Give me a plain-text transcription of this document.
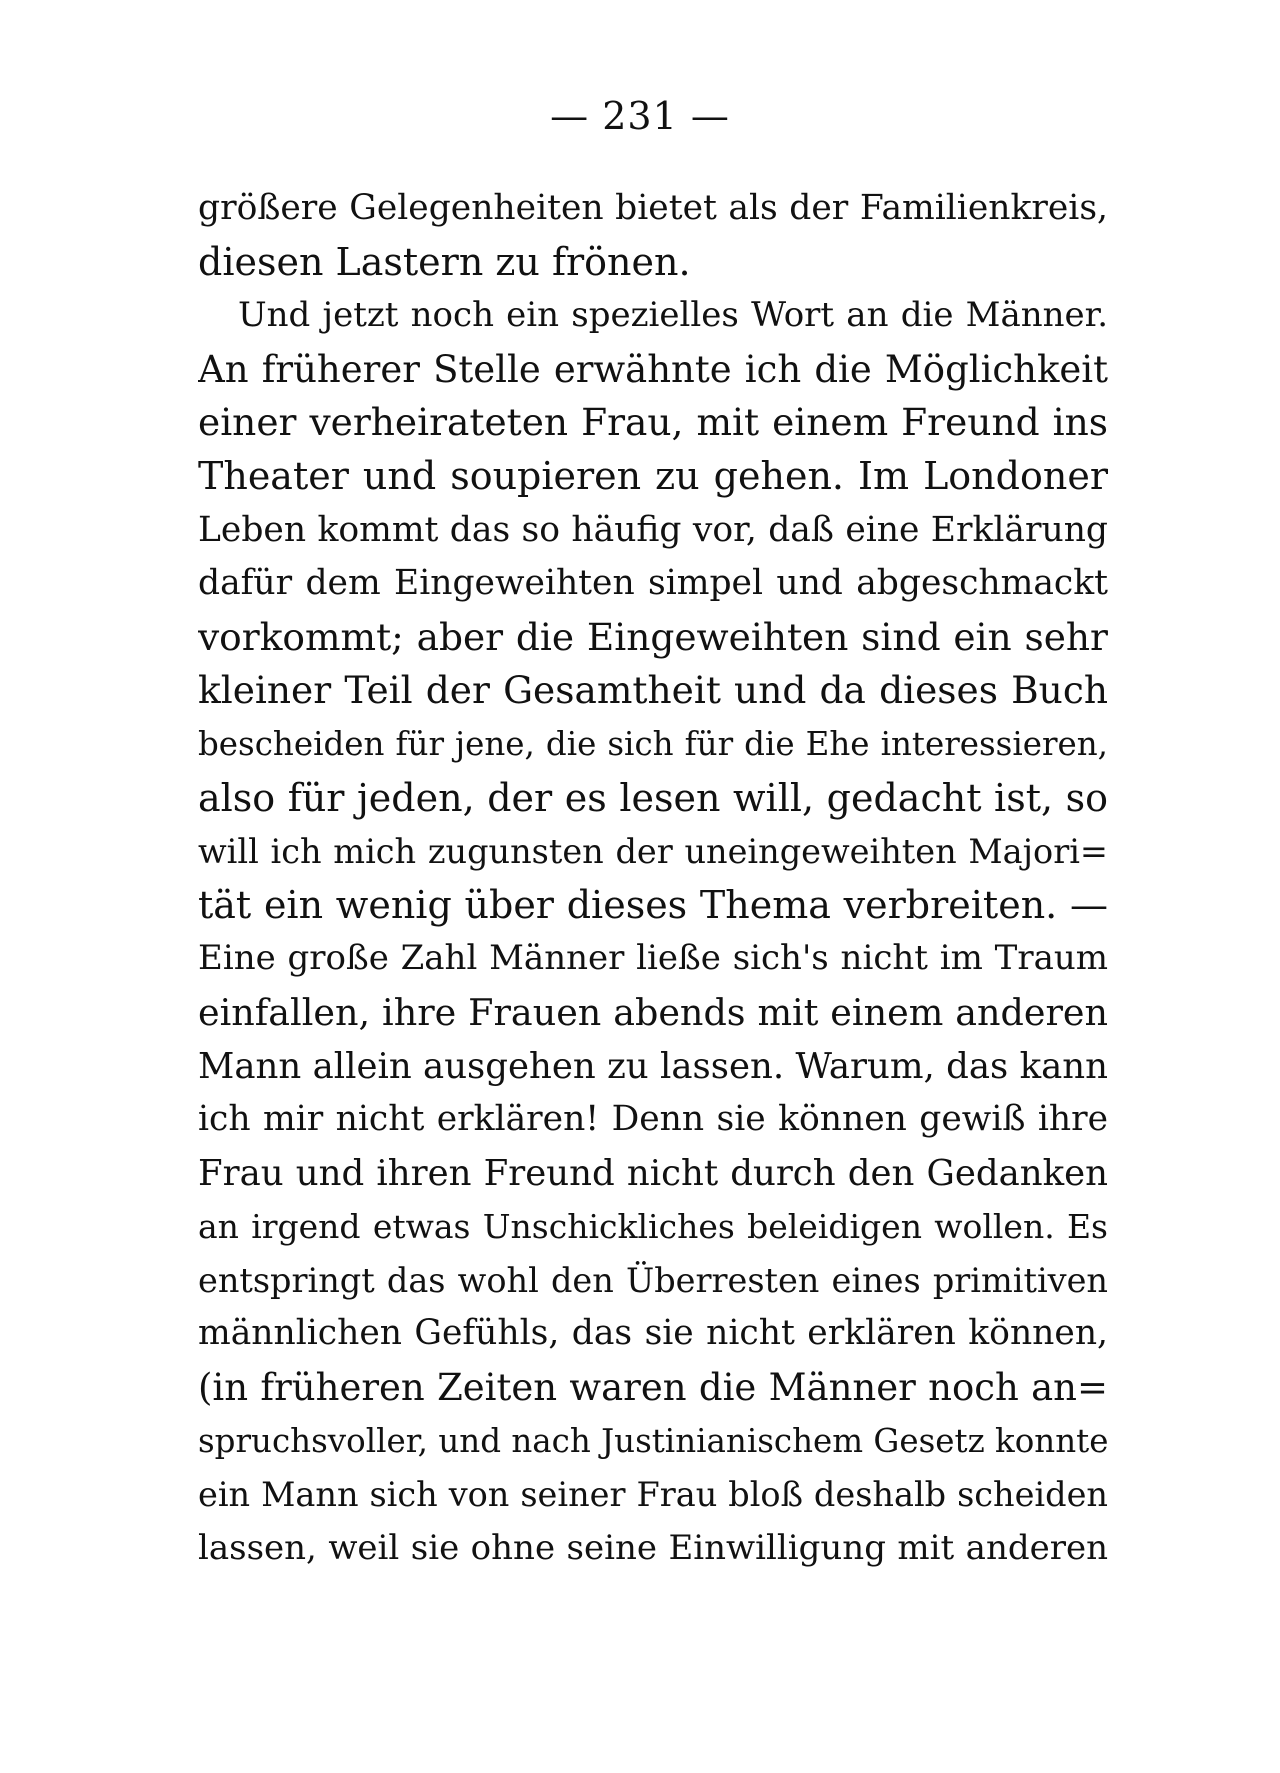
— 231 —
größere Gelegenheiten bietet als der Familienkreis,
diesen Lastern zu frönen.
Und jetzt noch ein spezielles Wort an die Männer.
An früherer Stelle erwähnte ich die Möglichkeit
einer verheirateten Frau, mit einem Freund ins
Theater und soupieren zu gehen. Im Londoner
Leben kommt das so häufig vor, daß eine Erklärung
dafür dem Eingeweihten simpel und abgeschmackt
vorkommt; aber die Eingeweihten sind ein sehr
kleiner Teil der Gesamtheit und da dieses Buch
bescheiden für jene, die sich für die Ehe interessieren,
also für jeden, der es lesen will, gedacht ist, so
will ich mich zugunsten der uneingeweihten Majori=
tät ein wenig über dieses Thema verbreiten. —
Eine große Zahl Männer ließe sich's nicht im Traum
einfallen, ihre Frauen abends mit einem anderen
Mann allein ausgehen zu lassen. Warum, das kann
ich mir nicht erklären! Denn sie können gewiß ihre
Frau und ihren Freund nicht durch den Gedanken
an irgend etwas Unschickliches beleidigen wollen. Es
entspringt das wohl den Überresten eines primitiven
männlichen Gefühls, das sie nicht erklären können,
(in früheren Zeiten waren die Männer noch an=
spruchsvoller, und nach Justinianischem Gesetz konnte
ein Mann sich von seiner Frau bloß deshalb scheiden
lassen, weil sie ohne seine Einwilligung mit anderen
